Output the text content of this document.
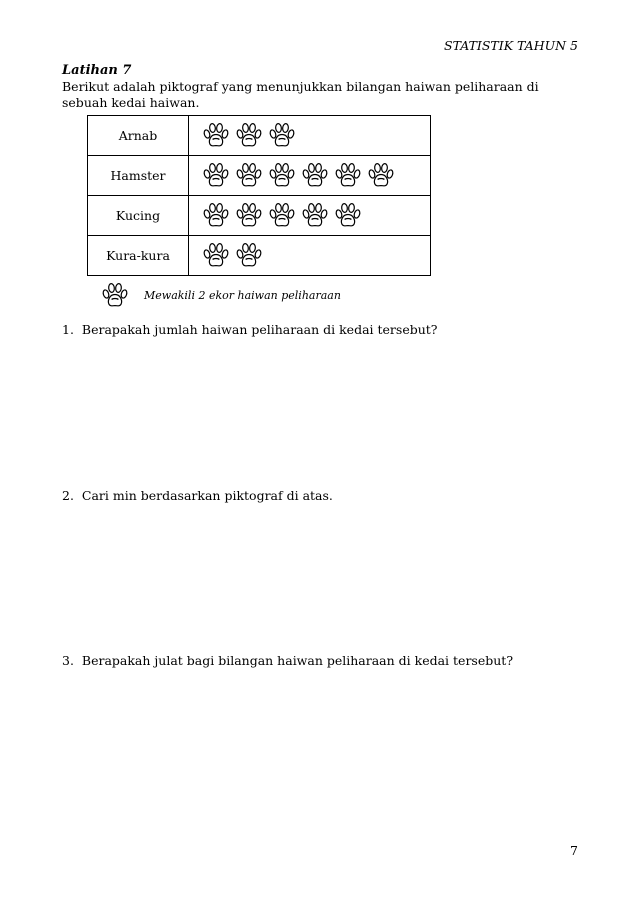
STATISTIK TAHUN 5
Latihan 7
Berikut adalah piktograf yang menunjukkan bilangan haiwan peliharaan di
sebuah kedai haiwan.
Arnab	
Hamster	
Kucing	
Kura-kura	
Mewakili 2 ekor haiwan peliharaan
1. Berapakah jumlah haiwan peliharaan di kedai tersebut?
2. Cari min berdasarkan piktograf di atas.
3. Berapakah julat bagi bilangan haiwan peliharaan di kedai tersebut?
7
